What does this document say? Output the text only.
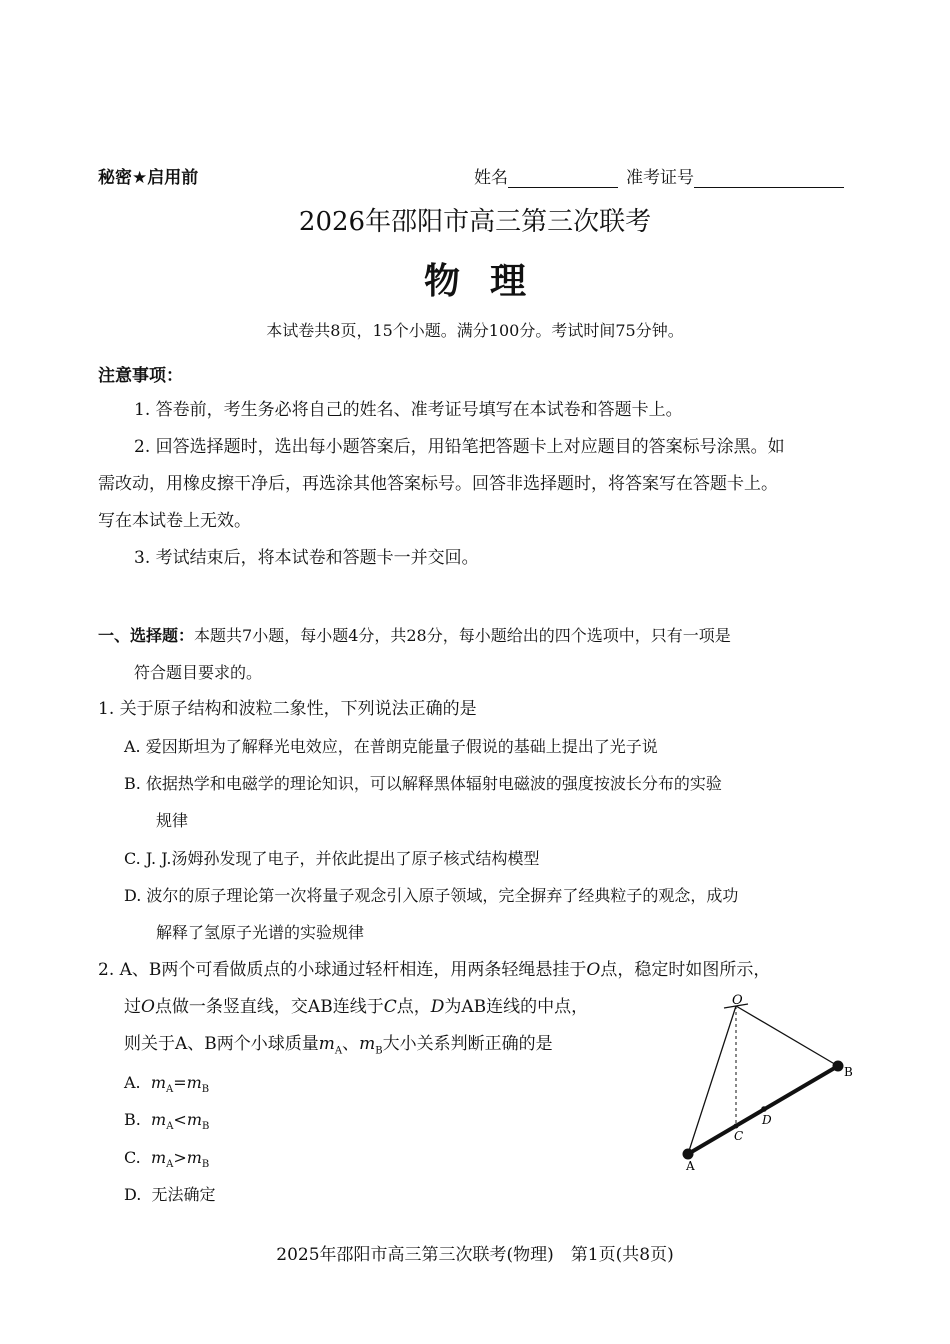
秘密★启用前	姓名	准考证号
2026年邵阳市高三第三次联考
物理
本试卷共8页，15个小题。满分100分。考试时间75分钟。
注意事项：
1. 答卷前，考生务必将自己的姓名、准考证号填写在本试卷和答题卡上。
2. 回答选择题时，选出每小题答案后，用铅笔把答题卡上对应题目的答案标号涂黑。如
需改动，用橡皮擦干净后，再选涂其他答案标号。回答非选择题时，将答案写在答题卡上。
写在本试卷上无效。
3. 考试结束后，将本试卷和答题卡一并交回。
一、选择题：本题共7小题，每小题4分，共28分，每小题给出的四个选项中，只有一项是
符合题目要求的。
1. 关于原子结构和波粒二象性，下列说法正确的是
A. 爱因斯坦为了解释光电效应，在普朗克能量子假说的基础上提出了光子说
B. 依据热学和电磁学的理论知识，可以解释黑体辐射电磁波的强度按波长分布的实验
规律
C. J. J.汤姆孙发现了电子，并依此提出了原子核式结构模型
D. 波尔的原子理论第一次将量子观念引入原子领域，完全摒弃了经典粒子的观念，成功
解释了氢原子光谱的实验规律
2. A、B两个可看做质点的小球通过轻杆相连，用两条轻绳悬挂于O点，稳定时如图所示，
过O点做一条竖直线，交AB连线于C点，D为AB连线的中点，
则关于A、B两个小球质量$m_A$、$m_B$大小关系判断正确的是
A. $m_A=m_B$
B. $m_A<m_B$
C. $m_A>m_B$
D. 无法确定
O
A
B
C
D
2025年邵阳市高三第三次联考(物理)　第1页(共8页)
